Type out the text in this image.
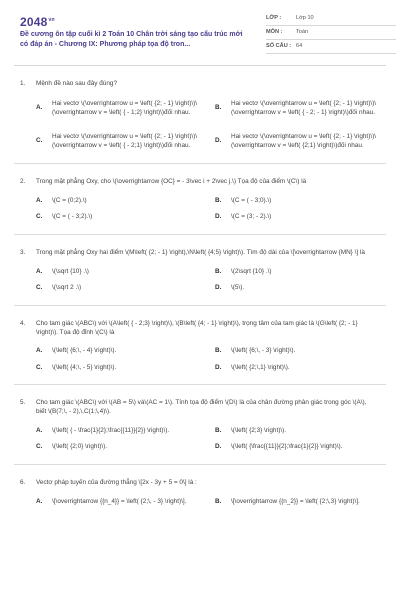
$2048^{vn}$
Đề cương ôn tập cuối kì 2 Toán 10 Chân trời sáng tạo cấu trúc mới có đáp án - Chương IX: Phương pháp tọa độ tron...
LỚP :	Lớp 10
MÔN :	Toán
SỐ CÂU : 64
1.	Mệnh đề nào sau đây đúng?
A.
Hai vectơ \(\overrightarrow u = \left( {2; - 1} \right)\)\(\overrightarrow v = \left( { - 1;2} \right)\)đối nhau.
B.
Hai vectơ \(\overrightarrow u = \left( {2; - 1} \right)\)\(\overrightarrow v = \left( { - 2; - 1} \right)\)đối nhau.
C.
Hai vectơ \(\overrightarrow u = \left( {2; - 1} \right)\)\(\overrightarrow v = \left( { - 2;1} \right)\)đối nhau.
D.
Hai vectơ \(\overrightarrow u = \left( {2; - 1} \right)\)\(\overrightarrow v = \left( {2;1} \right)\)đối nhau.
2.	Trong mặt phẳng Oxy, cho \(\overrightarrow {OC} = - 3\vec i + 2\vec j.\) Tọa độ của điểm \(C\) là
A.	\(C = (0;2).\)	B.	\(C = ( - 3;0).\)
C.	\(C = ( - 3;2).\)	D.	\(C = (3; - 2).\)
3.	Trong mặt phẳng Oxy hai điểm \(M\left( {2; - 1} \right),\N\left( {4;5} \right)\). Tìm độ dài của \[\overrightarrow {MN} \] là
A.	\(\sqrt {10} .\)	B.	\(2\sqrt {10} .\)
C.	\(\sqrt 2 .\)	D.	\(5\).
4.	Cho tam giác \(ABC\) với \(A\left( { - 2;3} \right)\), \(B\left( {4; - 1} \right)\), trọng tâm của tam giác là \(G\left( {2; - 1} \right)\). Tọa độ đỉnh \(C\) là
A.	\(\left( {6;\, - 4} \right)\).	B.	\(\left( {6;\, - 3} \right)\).
C.	\(\left( {4;\, - 5} \right)\).	D.	\(\left( {2;\,1} \right)\).
5.	Cho tam giác \(ABC\) với \(AB = 5\) và\(AC = 1\). Tính tọa độ điểm \(D\) là của chân đường phân giác trong góc \(A\), biết \(B(7;\, - 2),\,C(1;\,4)\).
A.	\(\left( { - \frac{1}{2};\frac{{11}}{2}} \right)\).	B.	\(\left( {2;3} \right)\).
C.	\(\left( {2;0} \right)\).	D.	\(\left( {\frac{{11}}{2};\frac{1}{2}} \right)\).
6.	Vectơ pháp tuyến của đường thẳng \[2x - 3y + 5 = 0\] là :
A.	\[\overrightarrow {{n_4}} = \left( {2;\, - 3} \right)\].	B.	\[\overrightarrow {{n_2}} = \left( {2;\,3} \right)\].
